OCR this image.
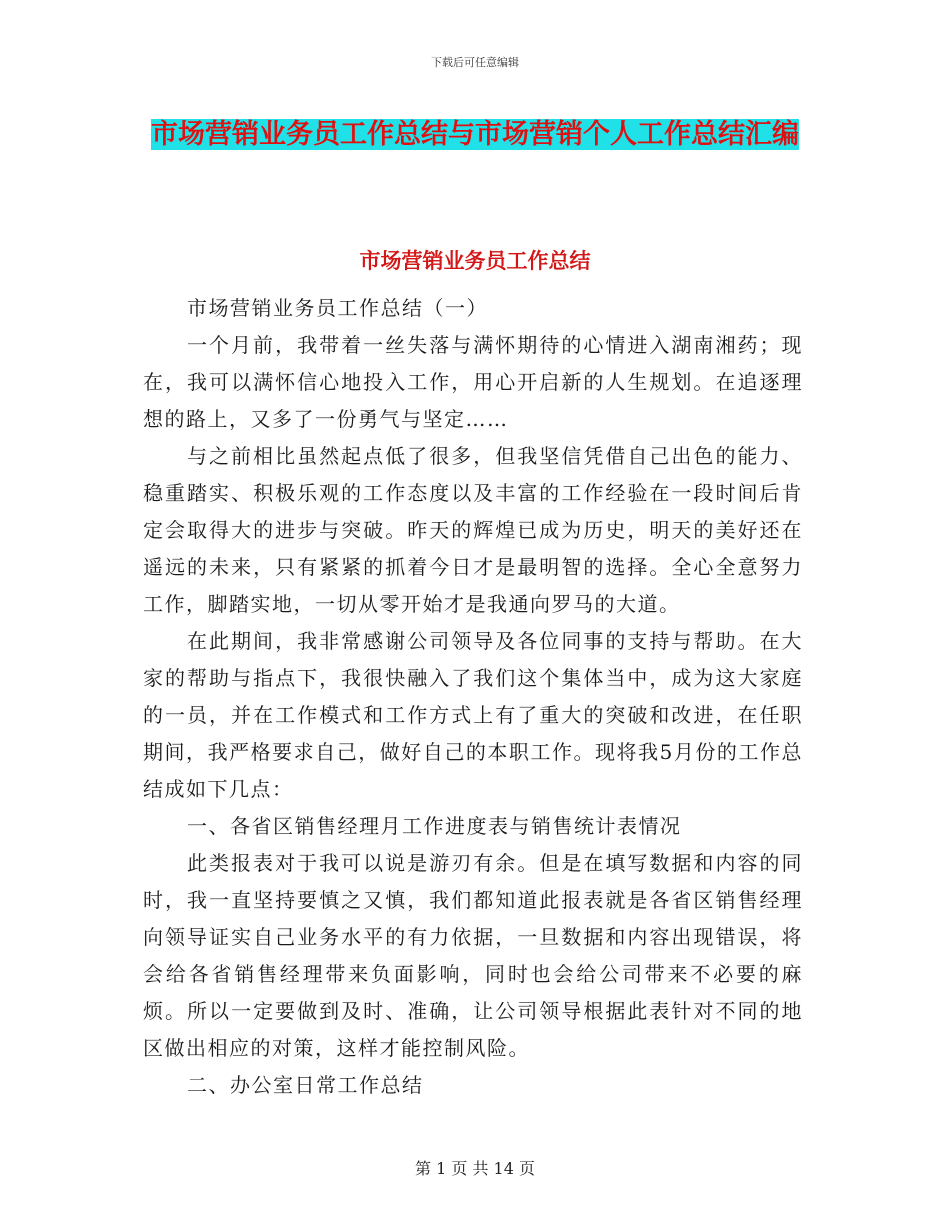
下载后可任意编辑
市场营销业务员工作总结与市场营销个人工作总结汇编
市场营销业务员工作总结

市场营销业务员工作总结（一）

一个月前，我带着一丝失落与满怀期待的心情进入湖南湘药；现在，我可以满怀信心地投入工作，用心开启新的人生规划。在追逐理想的路上，又多了一份勇气与坚定……

与之前相比虽然起点低了很多，但我坚信凭借自己出色的能力、稳重踏实、积极乐观的工作态度以及丰富的工作经验在一段时间后肯定会取得大的进步与突破。昨天的辉煌已成为历史，明天的美好还在遥远的未来，只有紧紧的抓着今日才是最明智的选择。全心全意努力工作，脚踏实地，一切从零开始才是我通向罗马的大道。

在此期间，我非常感谢公司领导及各位同事的支持与帮助。在大家的帮助与指点下，我很快融入了我们这个集体当中，成为这大家庭的一员，并在工作模式和工作方式上有了重大的突破和改进，在任职期间，我严格要求自己，做好自己的本职工作。现将我5月份的工作总结成如下几点：

一、各省区销售经理月工作进度表与销售统计表情况

此类报表对于我可以说是游刃有余。但是在填写数据和内容的同时，我一直坚持要慎之又慎，我们都知道此报表就是各省区销售经理向领导证实自己业务水平的有力依据，一旦数据和内容出现错误，将会给各省销售经理带来负面影响，同时也会给公司带来不必要的麻烦。所以一定要做到及时、准确，让公司领导根据此表针对不同的地区做出相应的对策，这样才能控制风险。

二、办公室日常工作总结

第 1 页 共 14 页
